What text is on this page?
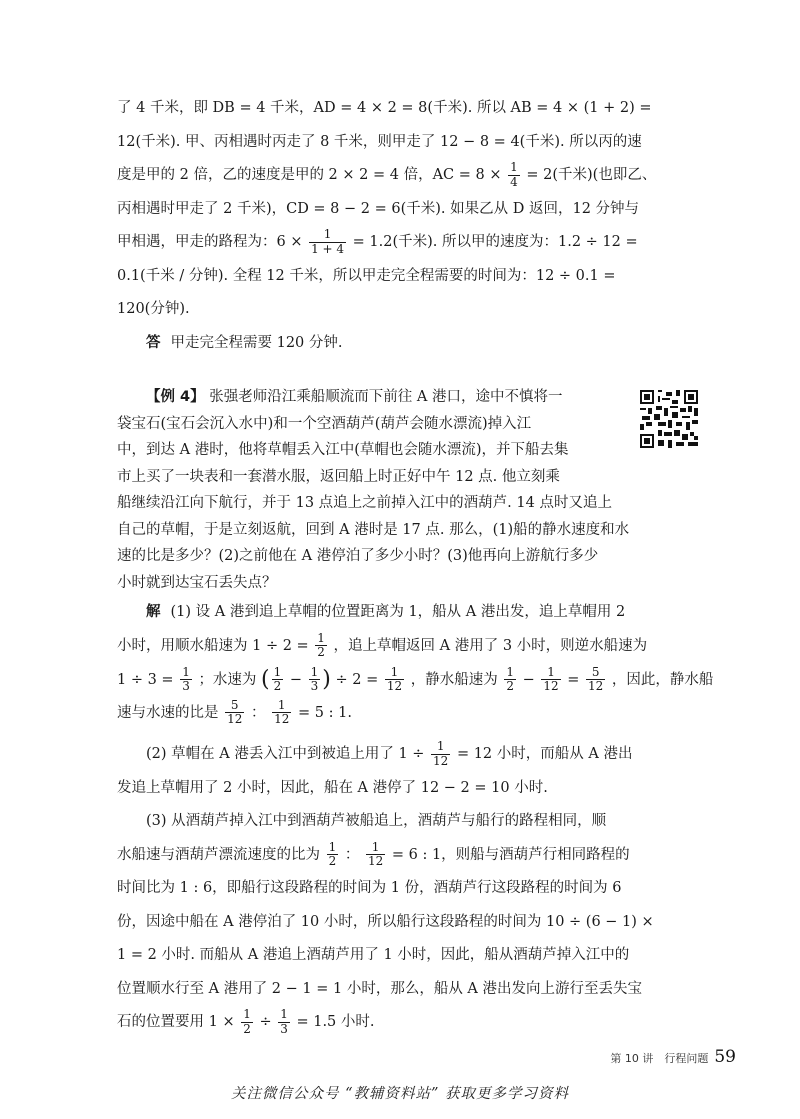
了 4 千米，即 DB = 4 千米，AD = 4 × 2 = 8(千米). 所以 AB = 4 × (1 + 2) =
12(千米). 甲、丙相遇时丙走了 8 千米，则甲走了 12 − 8 = 4(千米). 所以丙的速
度是甲的 2 倍，乙的速度是甲的 2 × 2 = 4 倍，AC = $8 \times \frac{1}{4} = 2$(千米)(也即乙、
丙相遇时甲走了 2 千米)，CD = 8 − 2 = 6(千米). 如果乙从 D 返回，12 分钟与
甲相遇，甲走的路程为：$6 \times \frac{1}{1 + 4} = 1.2$(千米). 所以甲的速度为：1.2 ÷ 12 =
0.1(千米 / 分钟). 全程 12 千米，所以甲走完全程需要的时间为：12 ÷ 0.1 =
120(分钟).
答 甲走完全程需要 120 分钟.
【例 4】 张强老师沿江乘船顺流而下前往 A 港口，途中不慎将一
袋宝石(宝石会沉入水中)和一个空酒葫芦(葫芦会随水漂流)掉入江
中，到达 A 港时，他将草帽丢入江中(草帽也会随水漂流)，并下船去集
市上买了一块表和一套潜水服，返回船上时正好中午 12 点. 他立刻乘
船继续沿江向下航行，并于 13 点追上之前掉入江中的酒葫芦. 14 点时又追上
自己的草帽，于是立刻返航，回到 A 港时是 17 点. 那么，(1)船的静水速度和水
速的比是多少？(2)之前他在 A 港停泊了多少小时？(3)他再向上游航行多少
小时就到达宝石丢失点？
解 (1) 设 A 港到追上草帽的位置距离为 1，船从 A 港出发，追上草帽用 2
小时，用顺水船速为 $1 \div 2 = \frac{1}{2}$ ，追上草帽返回 A 港用了 3 小时，则逆水船速为
$1 \div 3 = \frac{1}{3}$ ；水速为 ( $\frac{1}{2} - \frac{1}{3}$ ) ÷ $2 = \frac{1}{12}$ ，静水船速为 $\frac{1}{2} - \frac{1}{12} = \frac{5}{12}$ ，因此，静水船
速与水速的比是 $\frac{5}{12}$ ： $\frac{1}{12} = 5$ : 1.
(2) 草帽在 A 港丢入江中到被追上用了 $1 \div \frac{1}{12} = 12$ 小时，而船从 A 港出
发追上草帽用了 2 小时，因此，船在 A 港停了 12 − 2 = 10 小时.
(3) 从酒葫芦掉入江中到酒葫芦被船追上，酒葫芦与船行的路程相同，顺
水船速与酒葫芦漂流速度的比为 $\frac{1}{2}$ ： $\frac{1}{12} = 6$ : 1，则船与酒葫芦行相同路程的
时间比为 1 : 6，即船行这段路程的时间为 1 份，酒葫芦行这段路程的时间为 6
份，因途中船在 A 港停泊了 10 小时，所以船行这段路程的时间为 10 ÷ (6 − 1) ×
1 = 2 小时. 而船从 A 港追上酒葫芦用了 1 小时，因此，船从酒葫芦掉入江中的
位置顺水行至 A 港用了 2 − 1 = 1 小时，那么，船从 A 港出发向上游行至丢失宝
石的位置要用 $1 \times \frac{1}{2} \div \frac{1}{3} = 1.5$ 小时.
第 10 讲　行程问题 59
关注微信公众号 “教辅资料站” 获取更多学习资料
